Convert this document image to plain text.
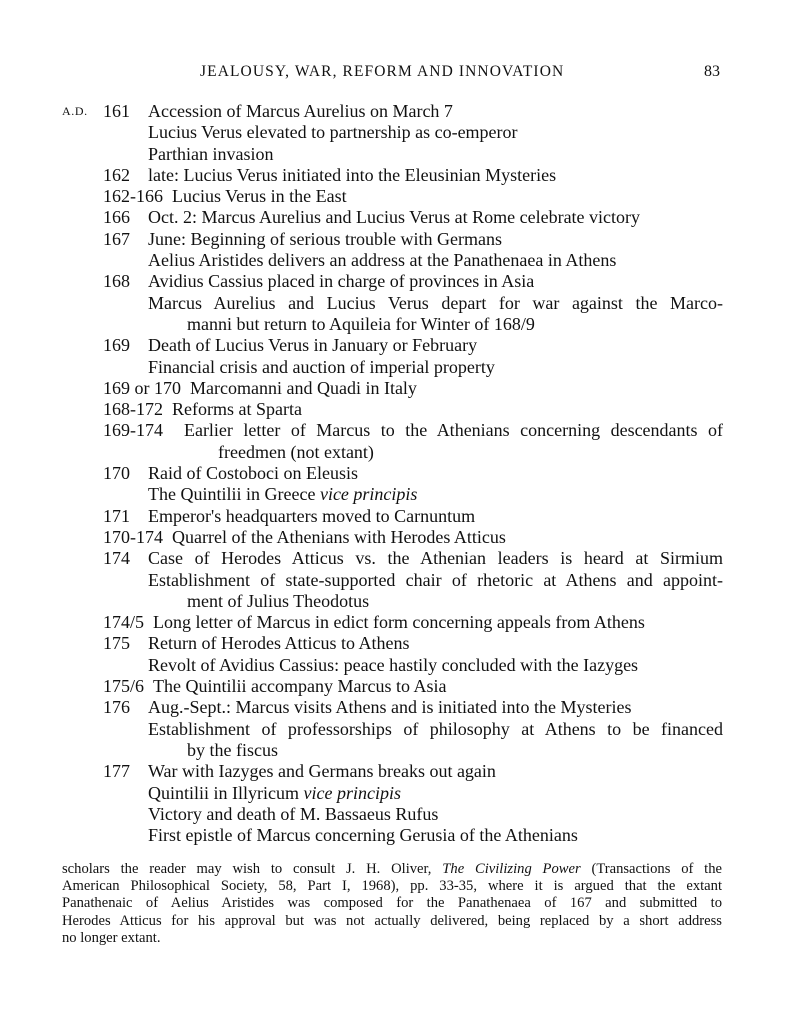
JEALOUSY, WAR, REFORM AND INNOVATION	83
A.D. 161	Accession of Marcus Aurelius on March 7
Lucius Verus elevated to partnership as co-emperor
Parthian invasion
162	late: Lucius Verus initiated into the Eleusinian Mysteries
162-166 Lucius Verus in the East
166	Oct. 2: Marcus Aurelius and Lucius Verus at Rome celebrate victory
167	June: Beginning of serious trouble with Germans
Aelius Aristides delivers an address at the Panathenaea in Athens
168	Avidius Cassius placed in charge of provinces in Asia
Marcus Aurelius and Lucius Verus depart for war against the Marco-
manni but return to Aquileia for Winter of 168/9
169	Death of Lucius Verus in January or February
Financial crisis and auction of imperial property
169 or 170 Marcomanni and Quadi in Italy
168-172 Reforms at Sparta
169-174 Earlier letter of Marcus to the Athenians concerning descendants of
freedmen (not extant)
170	Raid of Costoboci on Eleusis
The Quintilii in Greece vice principis
171	Emperor's headquarters moved to Carnuntum
170-174 Quarrel of the Athenians with Herodes Atticus
174	Case of Herodes Atticus vs. the Athenian leaders is heard at Sirmium
Establishment of state-supported chair of rhetoric at Athens and appoint-
ment of Julius Theodotus
174/5 Long letter of Marcus in edict form concerning appeals from Athens
175	Return of Herodes Atticus to Athens
Revolt of Avidius Cassius: peace hastily concluded with the Iazyges
175/6 The Quintilii accompany Marcus to Asia
176	Aug.-Sept.: Marcus visits Athens and is initiated into the Mysteries
Establishment of professorships of philosophy at Athens to be financed
by the fiscus
177	War with Iazyges and Germans breaks out again
Quintilii in Illyricum vice principis
Victory and death of M. Bassaeus Rufus
First epistle of Marcus concerning Gerusia of the Athenians
scholars the reader may wish to consult J. H. Oliver, The Civilizing Power (Transactions of the
American Philosophical Society, 58, Part I, 1968), pp. 33-35, where it is argued that the extant
Panathenaic of Aelius Aristides was composed for the Panathenaea of 167 and submitted to
Herodes Atticus for his approval but was not actually delivered, being replaced by a short address
no longer extant.
